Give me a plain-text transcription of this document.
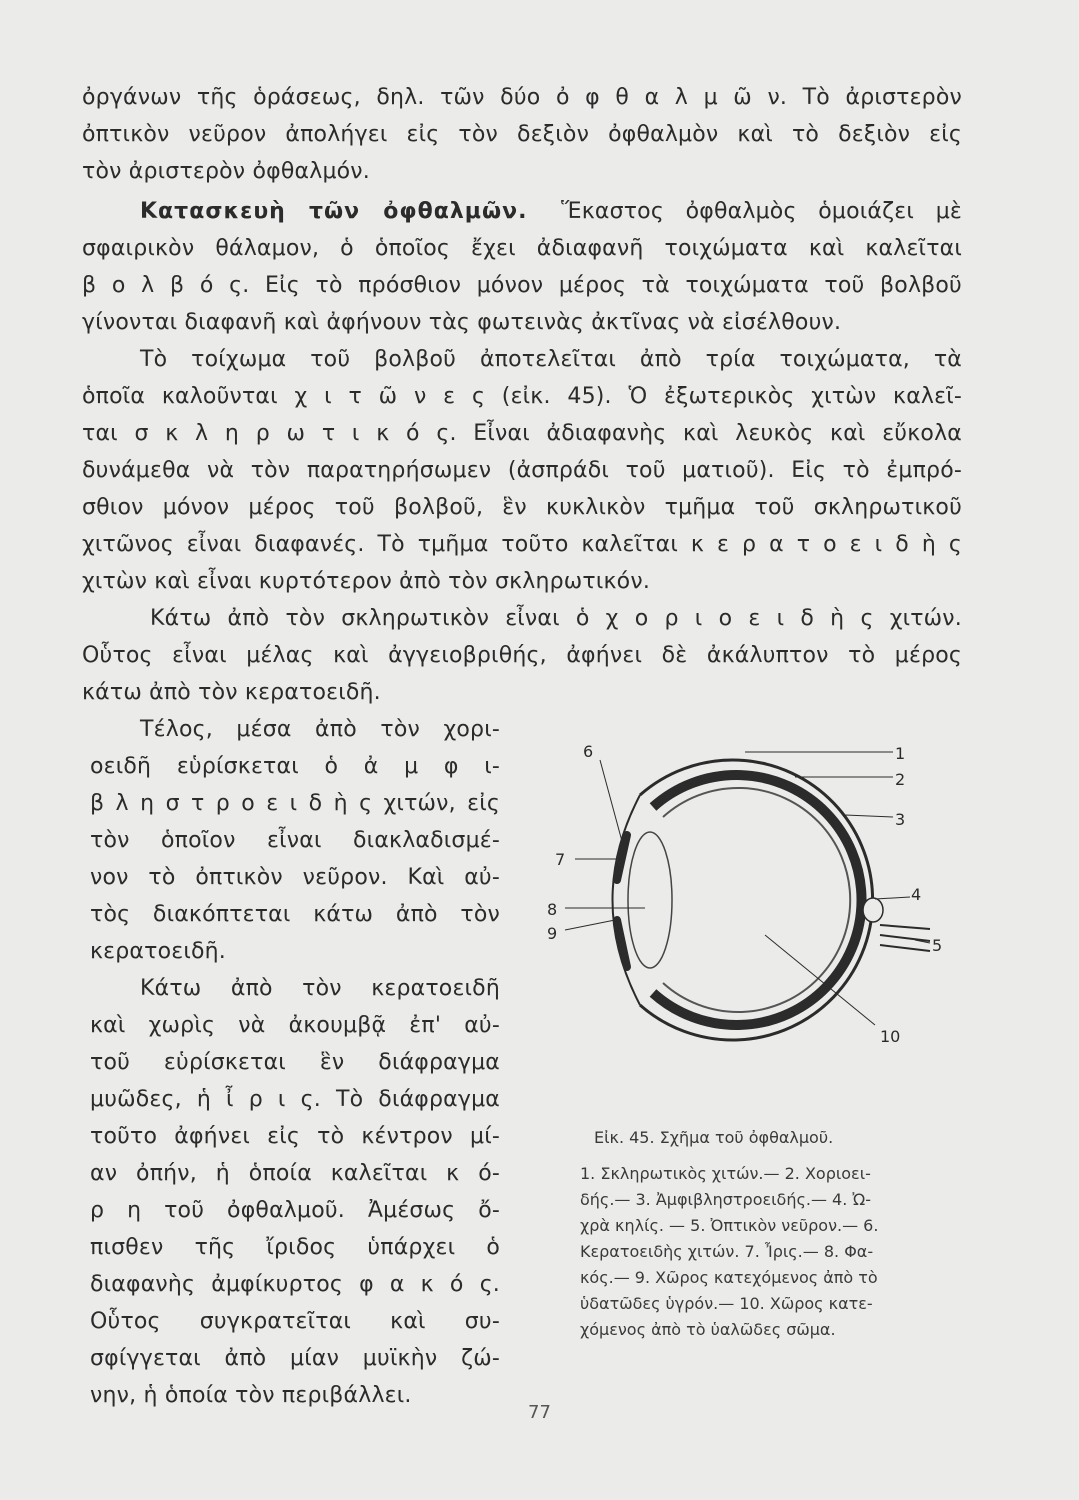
ὀργάνων τῆς ὁράσεως, δηλ. τῶν δύο ὀ φ θ α λ μ ῶ ν. Τὸ ἀριστερὸν
ὀπτικὸν νεῦρον ἀπολήγει εἰς τὸν δεξιὸν ὀφθαλμὸν καὶ τὸ δεξιὸν εἰς
τὸν ἀριστερὸν ὀφθαλμόν.
Κατασκευὴ τῶν ὀφθαλμῶν. Ἕκαστος ὀφθαλμὸς ὁμοιάζει μὲ
σφαιρικὸν θάλαμον, ὁ ὁποῖος ἔχει ἀδιαφανῆ τοιχώματα καὶ καλεῖται
β ο λ β ό ς. Εἰς τὸ πρόσθιον μόνον μέρος τὰ τοιχώματα τοῦ βολβοῦ
γίνονται διαφανῆ καὶ ἀφήνουν τὰς φωτεινὰς ἀκτῖνας νὰ εἰσέλθουν.
Τὸ τοίχωμα τοῦ βολβοῦ ἀποτελεῖται ἀπὸ τρία τοιχώματα, τὰ
ὁποῖα καλοῦνται χ ι τ ῶ ν ε ς (εἰκ. 45). Ὁ ἐξωτερικὸς χιτὼν καλεῖ-
ται σ κ λ η ρ ω τ ι κ ό ς. Εἶναι ἀδιαφανὴς καὶ λευκὸς καὶ εὔκολα
δυνάμεθα νὰ τὸν παρατηρήσωμεν (ἀσπράδι τοῦ ματιοῦ). Εἰς τὸ ἐμπρό-
σθιον μόνον μέρος τοῦ βολβοῦ, ἓν κυκλικὸν τμῆμα τοῦ σκληρωτικοῦ
χιτῶνος εἶναι διαφανές. Τὸ τμῆμα τοῦτο καλεῖται κ ε ρ α τ ο ε ι δ ὴ ς
χιτὼν καὶ εἶναι κυρτότερον ἀπὸ τὸν σκληρωτικόν.
Κάτω ἀπὸ τὸν σκληρωτικὸν εἶναι ὁ χ ο ρ ι ο ε ι δ ὴ ς χιτών.
Οὗτος εἶναι μέλας καὶ ἀγγειοβριθής, ἀφήνει δὲ ἀκάλυπτον τὸ μέρος
κάτω ἀπὸ τὸν κερατοειδῆ.
Τέλος, μέσα ἀπὸ τὸν χορι-
οειδῆ εὑρίσκεται ὁ ἀ μ φ ι-
β λ η σ τ ρ ο ε ι δ ὴ ς χιτών, εἰς
τὸν ὁποῖον εἶναι διακλαδισμέ-
νον τὸ ὀπτικὸν νεῦρον. Καὶ αὐ-
τὸς διακόπτεται κάτω ἀπὸ τὸν
κερατοειδῆ.
Κάτω ἀπὸ τὸν κερατοειδῆ
καὶ χωρὶς νὰ ἀκουμβᾷ ἐπ' αὐ-
τοῦ εὑρίσκεται ἓν διάφραγμα
μυῶδες, ἡ ἶ ρ ι ς. Τὸ διάφραγμα
τοῦτο ἀφήνει εἰς τὸ κέντρον μί-
αν ὀπήν, ἡ ὁποία καλεῖται κ ό-
ρ η τοῦ ὀφθαλμοῦ. Ἀμέσως ὄ-
πισθεν τῆς ἴριδος ὑπάρχει ὁ
διαφανὴς ἀμφίκυρτος φ α κ ό ς.
Οὗτος συγκρατεῖται καὶ συ-
σφίγγεται ἀπὸ μίαν μυϊκὴν ζώ-
νην, ἡ ὁποία τὸν περιβάλλει.
1
2
3
4
5
6
7
8
9
10
Εἰκ. 45. Σχῆμα τοῦ ὀφθαλμοῦ.
1. Σκληρωτικὸς χιτών.— 2. Χοριοει-
δής.— 3. Ἀμφιβληστροειδής.— 4. Ὠ-
χρὰ κηλίς. — 5. Ὀπτικὸν νεῦρον.— 6.
Κερατοειδὴς χιτών. 7. Ἶρις.— 8. Φα-
κός.— 9. Χῶρος κατεχόμενος ἀπὸ τὸ
ὑδατῶδες ὑγρόν.— 10. Χῶρος κατε-
χόμενος ἀπὸ τὸ ὑαλῶδες σῶμα.
77
